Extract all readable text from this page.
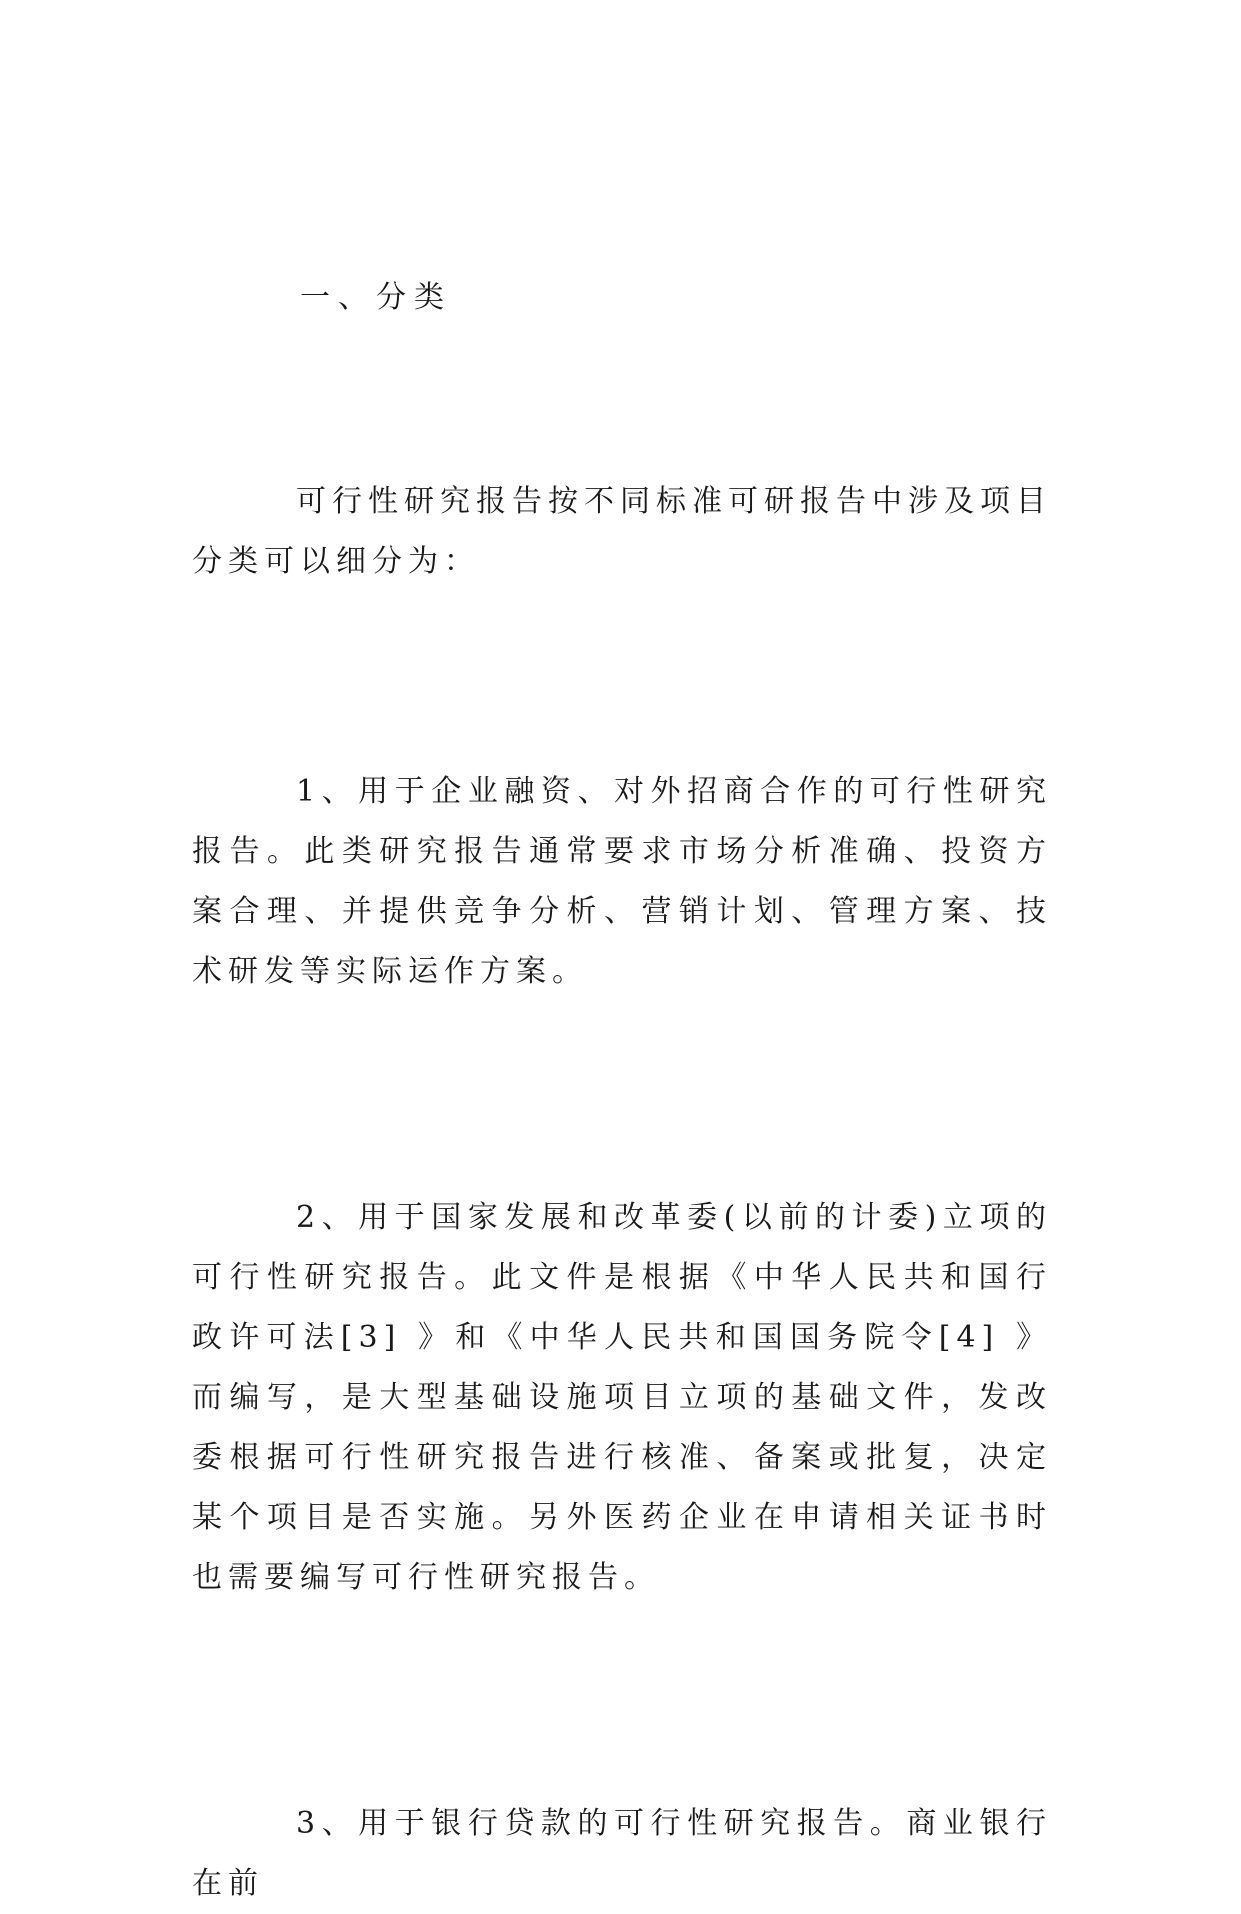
一、分类

可行性研究报告按不同标准可研报告中涉及项目分类可以细分为：

1、用于企业融资、对外招商合作的可行性研究报告。此类研究报告通常要求市场分析准确、投资方案合理、并提供竞争分析、营销计划、管理方案、技术研发等实际运作方案。

2、用于国家发展和改革委(以前的计委)立项的可行性研究报告。此文件是根据《中华人民共和国行政许可法[3] 》和《中华人民共和国国务院令[4] 》而编写，是大型基础设施项目立项的基础文件，发改委根据可行性研究报告进行核准、备案或批复，决定某个项目是否实施。另外医药企业在申请相关证书时也需要编写可行性研究报告。

3、用于银行贷款的可行性研究报告。商业银行在前
